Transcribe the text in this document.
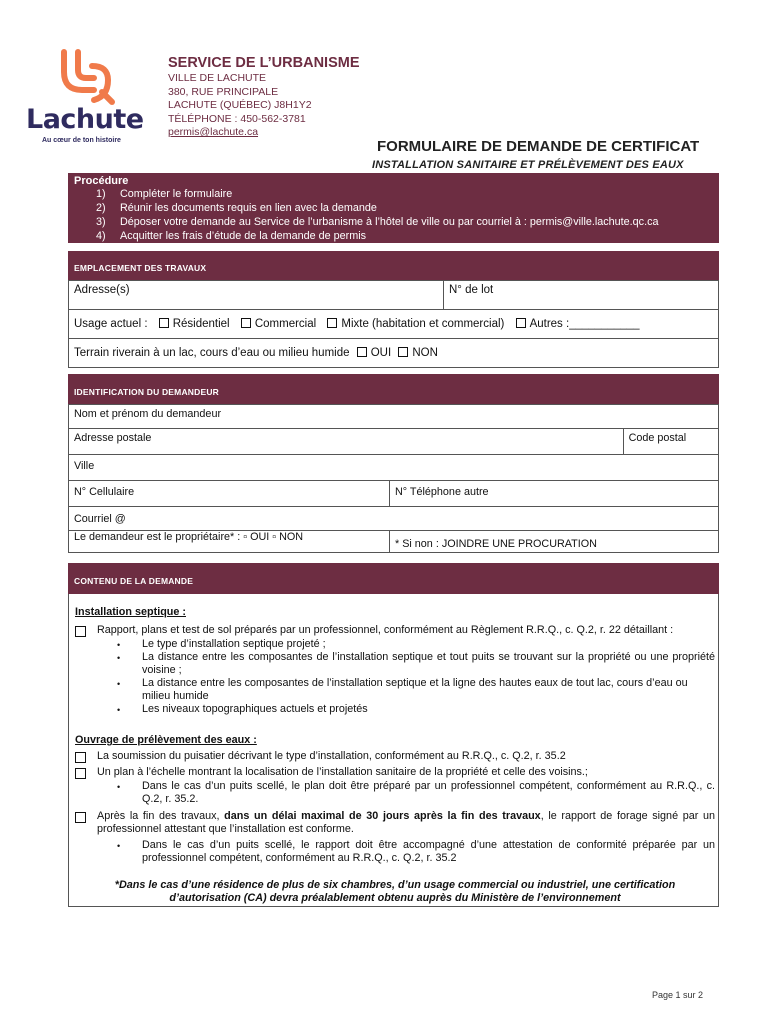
Lachute
Au cœur de ton histoire
SERVICE DE L’URBANISME
VILLE DE LACHUTE
380, RUE PRINCIPALE
LACHUTE (QUÉBEC) J8H1Y2
TÉLÉPHONE : 450-562-3781
permis@lachute.ca
FORMULAIRE DE DEMANDE DE CERTIFICAT
INSTALLATION SANITAIRE ET PRÉLÈVEMENT DES EAUX
Procédure
1) Compléter le formulaire
2) Réunir les documents requis en lien avec la demande
3) Déposer votre demande au Service de l’urbanisme à l’hôtel de ville ou par courriel à : permis@ville.lachute.qc.ca
4) Acquitter les frais d’étude de la demande de permis
EMPLACEMENT DES TRAVAUX
Adresse(s)	N° de lot
Usage actuel : Résidentiel Commercial Mixte (habitation et commercial) Autres :___________
Terrain riverain à un lac, cours d’eau ou milieu humide OUI NON
IDENTIFICATION DU DEMANDEUR
Nom et prénom du demandeur		
Adresse postale		Code postal
Ville		
N° Cellulaire	N° Téléphone autre	
Courriel @		
Le demandeur est le propriétaire* : ▫ OUI ▫ NON	* Si non : JOINDRE UNE PROCURATION	
CONTENU DE LA DEMANDE
Installation septique :
Rapport, plans et test de sol préparés par un professionnel, conformément au Règlement R.R.Q., c. Q.2, r. 22 détaillant :
• Le type d’installation septique projeté ;
• La distance entre les composantes de l’installation septique et tout puits se trouvant sur la propriété ou une propriété voisine ;
• La distance entre les composantes de l’installation septique et la ligne des hautes eaux de tout lac, cours d’eau ou milieu humide
• Les niveaux topographiques actuels et projetés
Ouvrage de prélèvement des eaux :
La soumission du puisatier décrivant le type d’installation, conformément au R.R.Q., c. Q.2, r. 35.2
Un plan à l’échelle montrant la localisation de l’installation sanitaire de la propriété et celle des voisins.;
• Dans le cas d’un puits scellé, le plan doit être préparé par un professionnel compétent, conformément au R.R.Q., c. Q.2, r. 35.2.
Après la fin des travaux, dans un délai maximal de 30 jours après la fin des travaux, le rapport de forage signé par un professionnel attestant que l’installation est conforme.
• Dans le cas d’un puits scellé, le rapport doit être accompagné d’une attestation de conformité préparée par un professionnel compétent, conformément au R.R.Q., c. Q.2, r. 35.2
*Dans le cas d’une résidence de plus de six chambres, d’un usage commercial ou industriel, une certification d’autorisation (CA) devra préalablement obtenu auprès du Ministère de l’environnement
Page 1 sur 2
